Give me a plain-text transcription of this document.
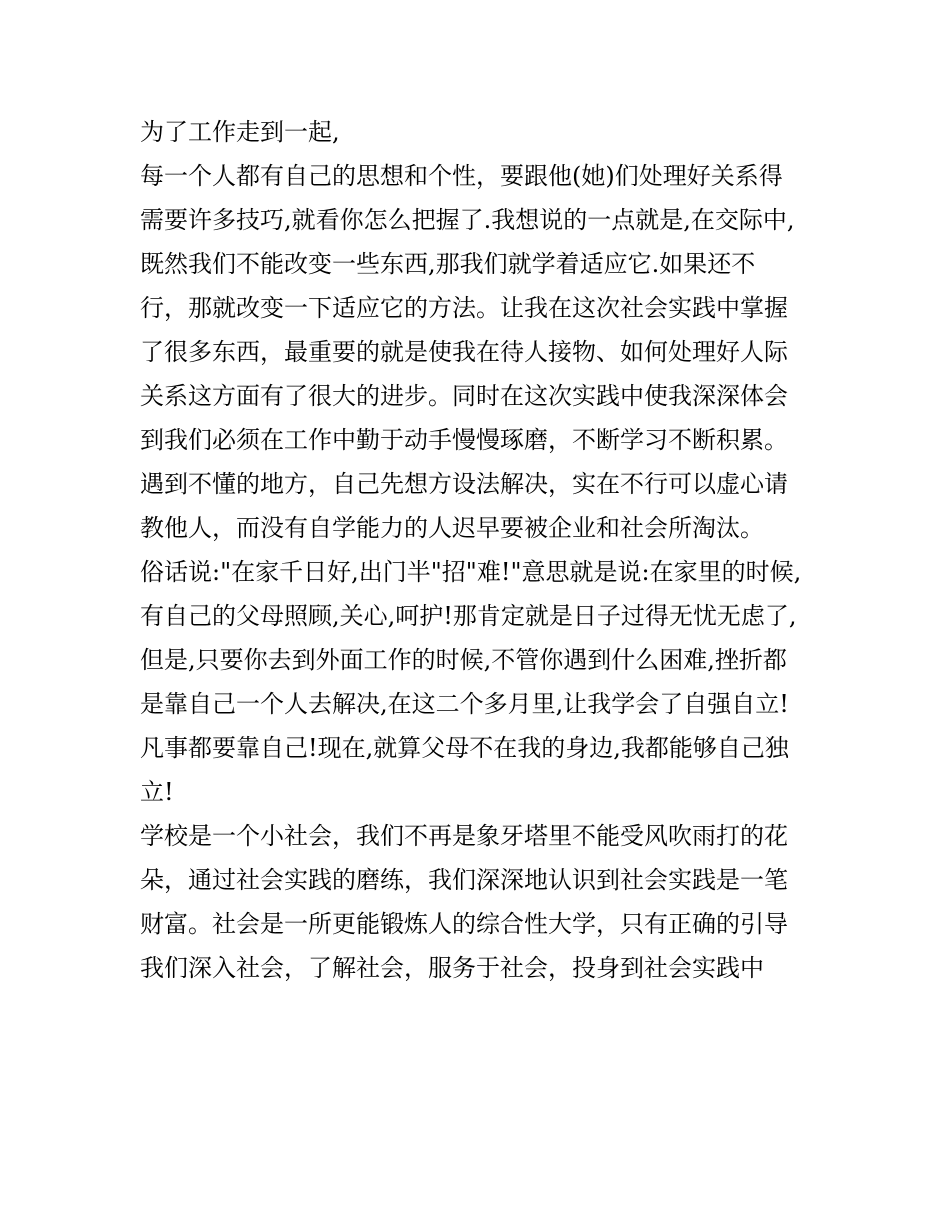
为了工作走到一起,
每一个人都有自己的思想和个性，要跟他(她)们处理好关系得
需要许多技巧,就看你怎么把握了.我想说的一点就是,在交际中,
既然我们不能改变一些东西,那我们就学着适应它.如果还不
行，那就改变一下适应它的方法。让我在这次社会实践中掌握
了很多东西，最重要的就是使我在待人接物、如何处理好人际
关系这方面有了很大的进步。同时在这次实践中使我深深体会
到我们必须在工作中勤于动手慢慢琢磨，不断学习不断积累。
遇到不懂的地方，自己先想方设法解决，实在不行可以虚心请
教他人，而没有自学能力的人迟早要被企业和社会所淘汰。
俗话说:"在家千日好,出门半"招"难!"意思就是说:在家里的时候,
有自己的父母照顾,关心,呵护!那肯定就是日子过得无忧无虑了,
但是,只要你去到外面工作的时候,不管你遇到什么困难,挫折都
是靠自己一个人去解决,在这二个多月里,让我学会了自强自立!
凡事都要靠自己!现在,就算父母不在我的身边,我都能够自己独
立!
学校是一个小社会，我们不再是象牙塔里不能受风吹雨打的花
朵，通过社会实践的磨练，我们深深地认识到社会实践是一笔
财富。社会是一所更能锻炼人的综合性大学，只有正确的引导
我们深入社会，了解社会，服务于社会，投身到社会实践中
